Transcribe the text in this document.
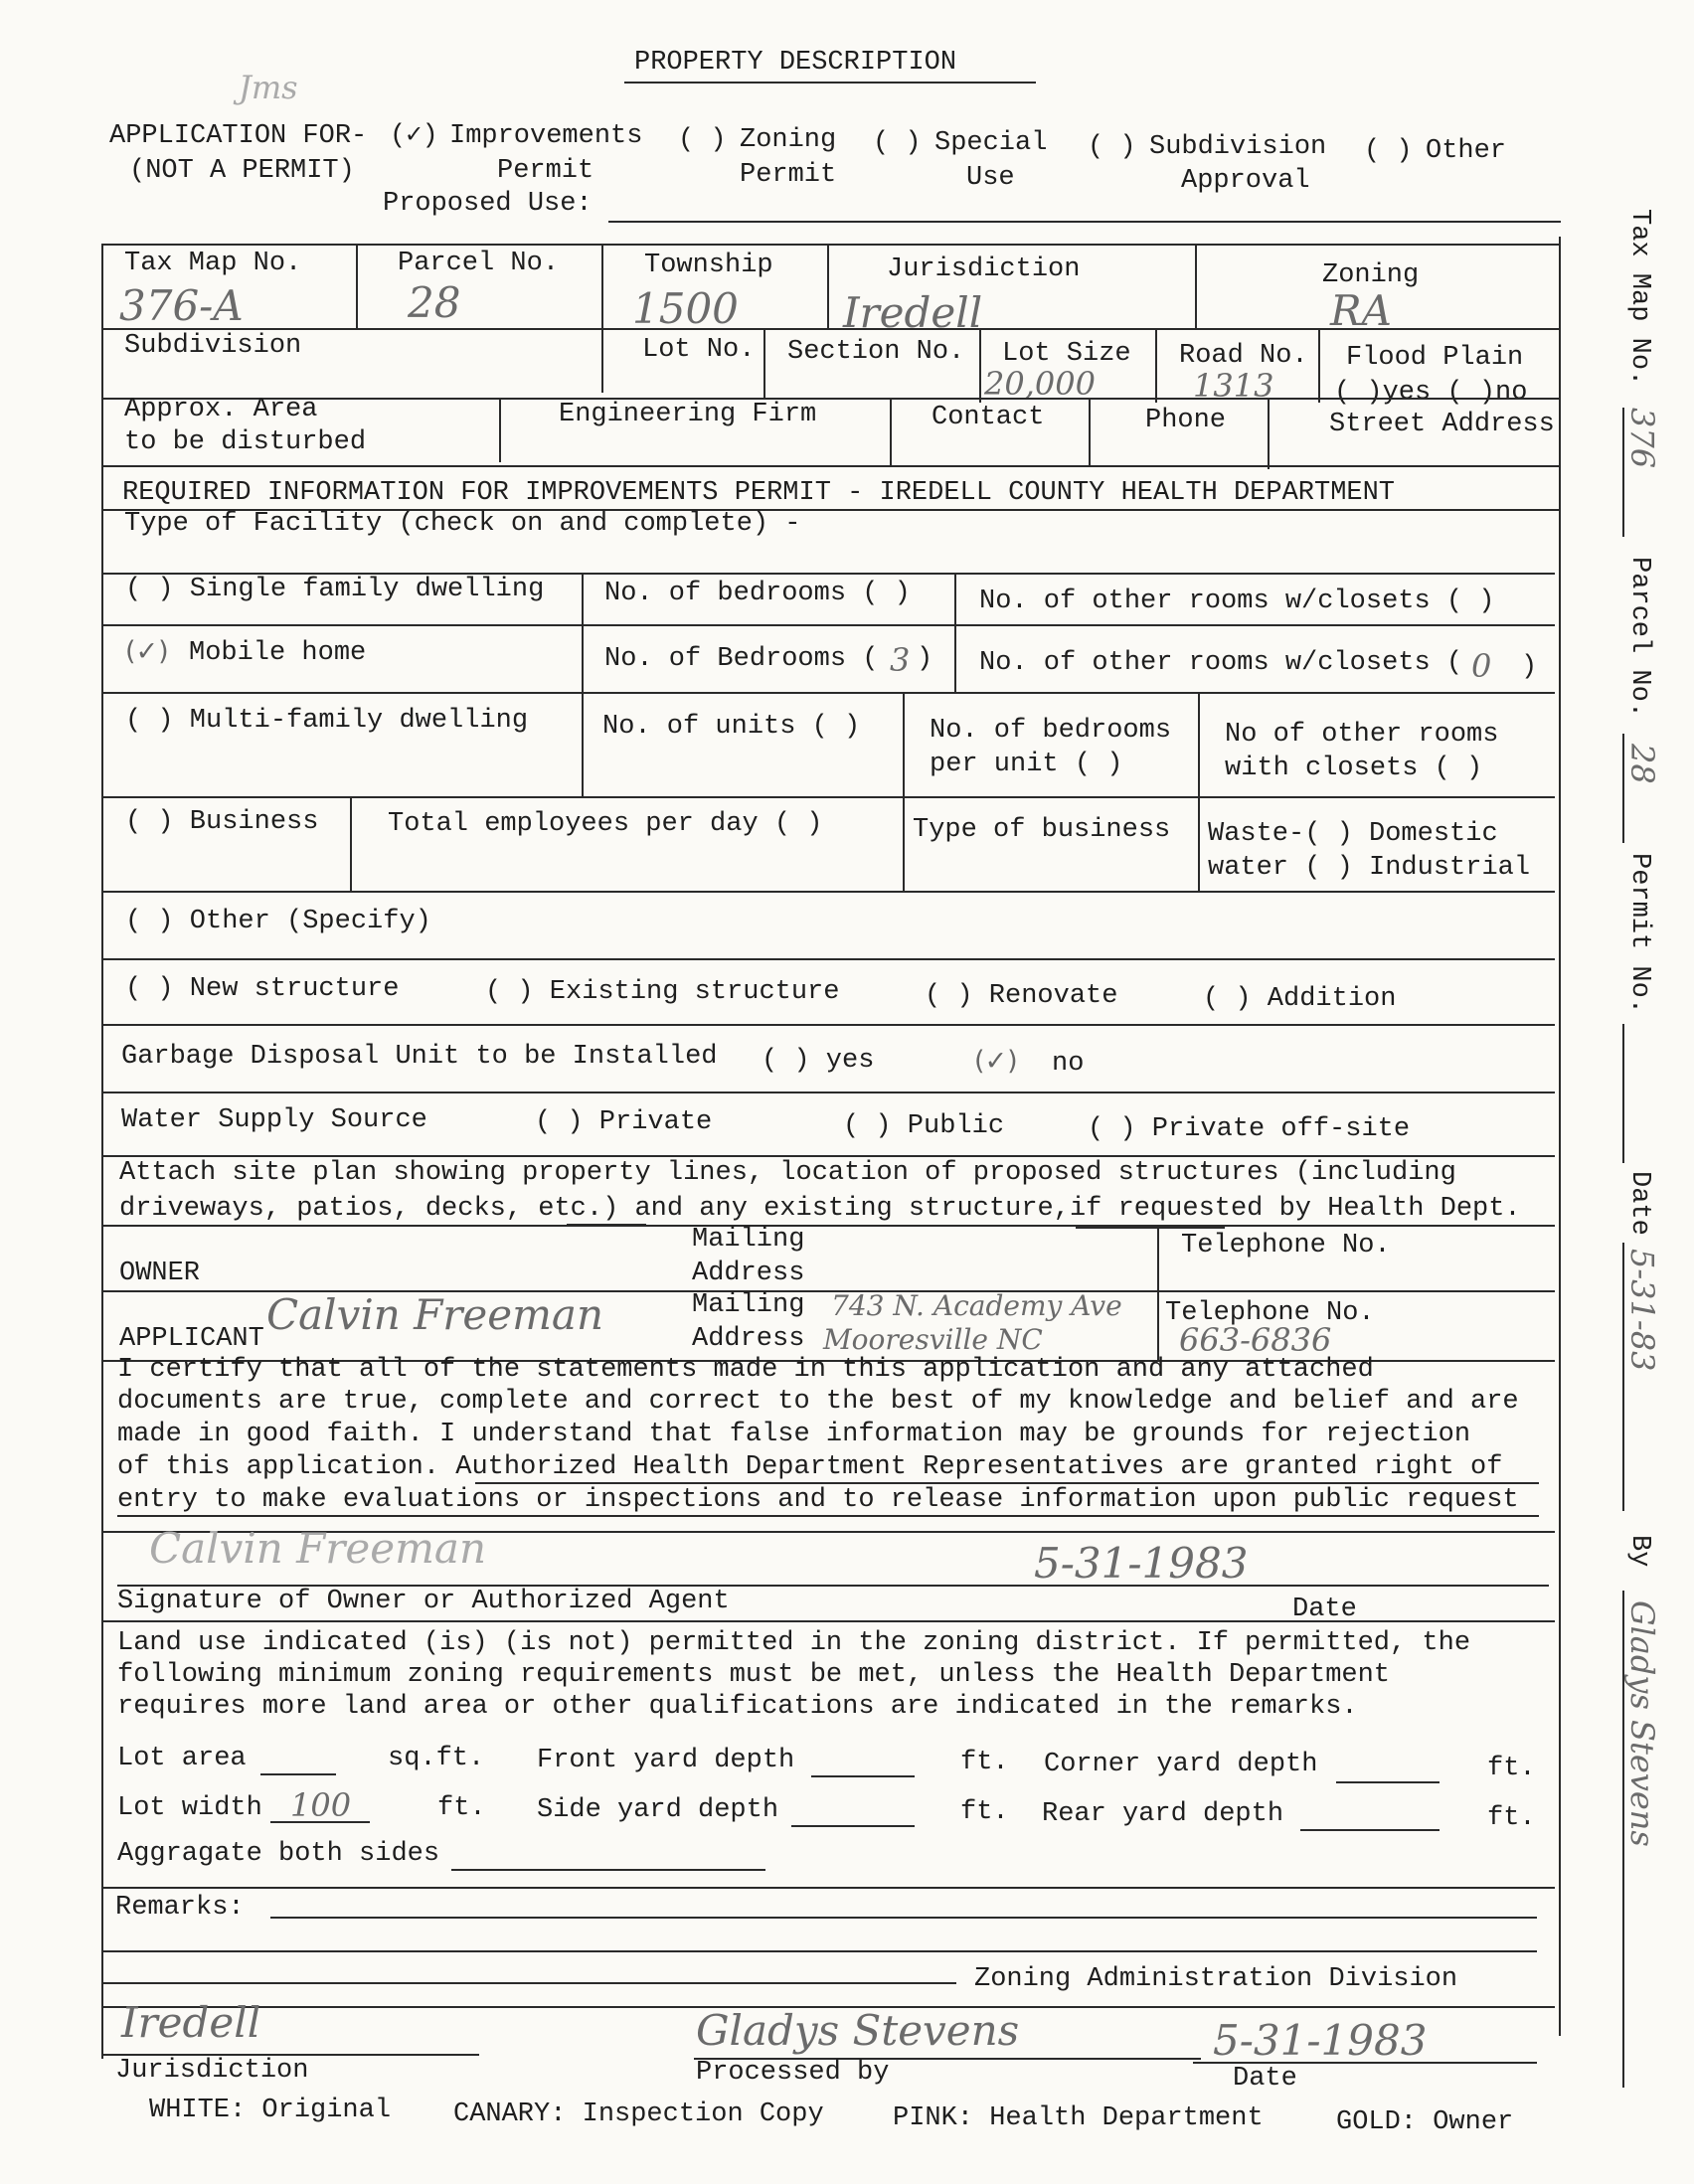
PROPERTY DESCRIPTION
Jms
APPLICATION FOR-
(NOT A PERMIT)
(✓) Improvements
Permit
( ) Zoning
Permit
( ) Special
Use
( ) Subdivision
Approval
( ) Other
Proposed Use:
Tax Map No.
376-A
Parcel No.
28
Township
1500
Jurisdiction
Iredell
Zoning
RA
Subdivision	Lot No. Section No. Lot Size
20,000
Road No.
1313
Flood Plain
( )yes ( )no
Approx. Area
to be disturbed
Engineering Firm	Contact	Phone	Street Address
REQUIRED INFORMATION FOR IMPROVEMENTS PERMIT - IREDELL COUNTY HEALTH DEPARTMENT
Type of Facility (check on and complete) -
( ) Single family dwelling No. of bedrooms ( )	No. of other rooms w/closets ( )
(✓) Mobile home	No. of Bedrooms ( 3 ) No. of other rooms w/closets ( 0 )
( ) Multi-family dwelling	No. of units ( )	No. of bedrooms
per unit ( )
No of other rooms
with closets ( )
( ) Business	Total employees per day ( )	Type of business Waste-( ) Domestic
water ( ) Industrial
( ) Other (Specify)
( ) New structure	( ) Existing structure	( ) Renovate	( ) Addition
Garbage Disposal Unit to be Installed ( ) yes	(✓) no
Water Supply Source	( ) Private	( ) Public	( ) Private off-site
Attach site plan showing property lines, location of proposed structures (including
driveways, patios, decks, etc.) and any existing structure,if requested by Health Dept.
OWNER
Mailing
Address
Telephone No.
APPLICANT Calvin Freeman	Mailing
Address
743 N. Academy Ave
Mooresville NC
Telephone No.
663-6836
I certify that all of the statements made in this application and any attached
documents are true, complete and correct to the best of my knowledge and belief and are
made in good faith. I understand that false information may be grounds for rejection
of this application. Authorized Health Department Representatives are granted right of
entry to make evaluations or inspections and to release information upon public request
Calvin Freeman	5-31-1983
Signature of Owner or Authorized Agent	Date
Land use indicated (is) (is not) permitted in the zoning district. If permitted, the
following minimum zoning requirements must be met, unless the Health Department
requires more land area or other qualifications are indicated in the remarks.
Lot area	sq.ft. Front yard depth	ft. Corner yard depth	ft.
Lot width 100	ft. Side yard depth	ft. Rear yard depth	ft.
Aggragate both sides
Remarks:
Zoning Administration Division
Iredell	Gladys Stevens	5-31-1983
Jurisdiction	Processed by	Date
WHITE: Original CANARY: Inspection Copy	PINK: Health Department	GOLD: Owner
Tax Map No.
376
Parcel No.
28
Permit No.
Date
5-31-83
By
Gladys Stevens
